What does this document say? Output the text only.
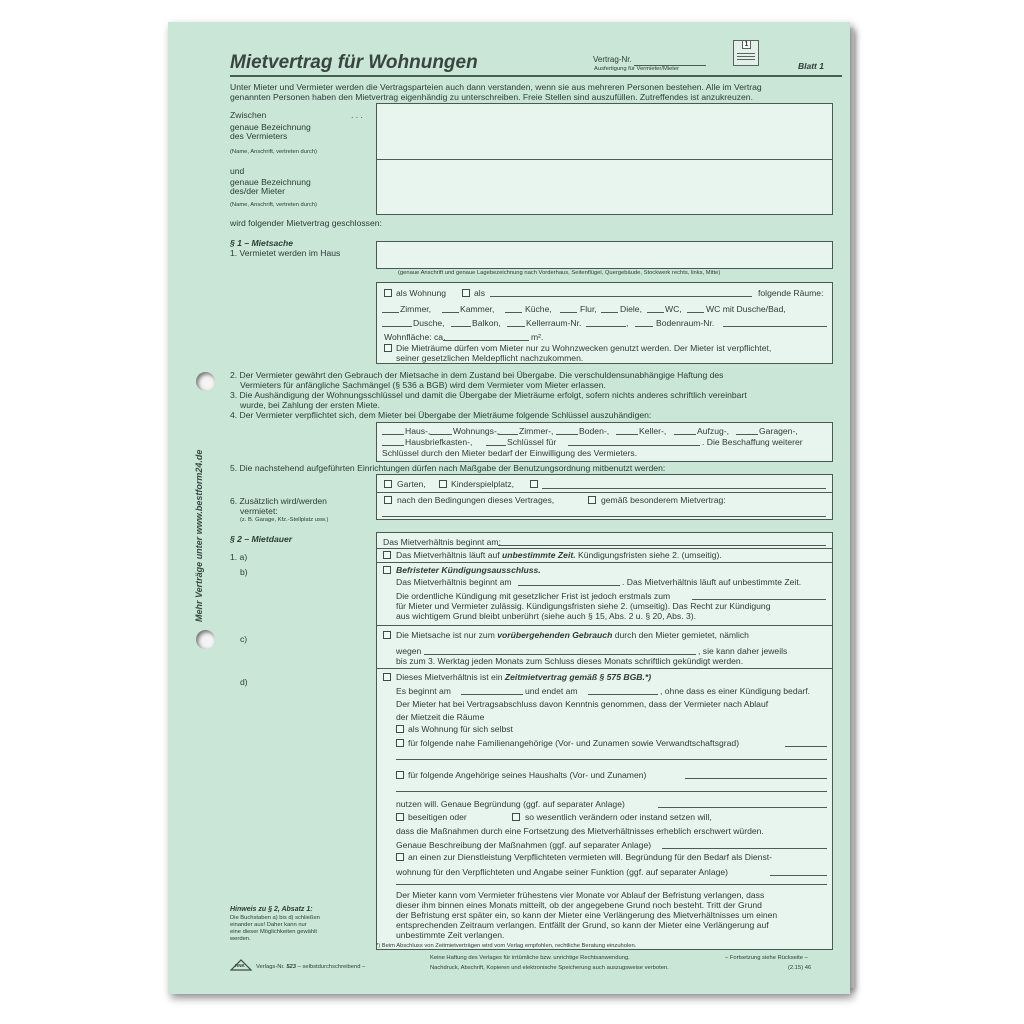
Mietvertrag für Wohnungen	Vertrag-Nr.
Ausfertigung für Vermieter/Mieter
1
Blatt 1
Unter Mieter und Vermieter werden die Vertragsparteien auch dann verstanden, wenn sie aus mehreren Personen bestehen. Alle im Vertrag
genannten Personen haben den Mietvertrag eigenhändig zu unterschreiben. Freie Stellen sind auszufüllen. Zutreffendes ist anzukreuzen.
Zwischen	. . .
genaue Bezeichnung
des Vermieters
(Name, Anschrift, vertreten durch)
und
genaue Bezeichnung
des/der Mieter
(Name, Anschrift, vertreten durch)
wird folgender Mietvertrag geschlossen:
§ 1 – Mietsache
1. Vermietet werden im Haus
(genaue Anschrift und genaue Lagebezeichnung nach Vorderhaus, Seitenflügel, Quergebäude, Stockwerk rechts, links, Mitte)
als Wohnung	als	folgende Räume:
Zimmer,	Kammer,	Küche,	Flur,	Diele,	WC,	WC mit Dusche/Bad,
Dusche,	Balkon,	Kellerraum-Nr.	,	Bodenraum-Nr.
Wohnfläche: ca.	m².
Die Mieträume dürfen vom Mieter nur zu Wohnzwecken genutzt werden. Der Mieter ist verpflichtet,
seiner gesetzlichen Meldepflicht nachzukommen.
2. Der Vermieter gewährt den Gebrauch der Mietsache in dem Zustand bei Übergabe. Die verschuldensunabhängige Haftung des
Vermieters für anfängliche Sachmängel (§ 536 a BGB) wird dem Vermieter vom Mieter erlassen.
3. Die Aushändigung der Wohnungsschlüssel und damit die Übergabe der Mieträume erfolgt, sofern nichts anderes schriftlich vereinbart
wurde, bei Zahlung der ersten Miete.
4. Der Vermieter verpflichtet sich, dem Mieter bei Übergabe der Mieträume folgende Schlüssel auszuhändigen:
Haus-,	Wohnungs-, Zimmer-,	Boden-,	Keller-,	Aufzug-,	Garagen-,
Hausbriefkasten-,	Schlüssel für	. Die Beschaffung weiterer
Schlüssel durch den Mieter bedarf der Einwilligung des Vermieters.
5. Die nachstehend aufgeführten Einrichtungen dürfen nach Maßgabe der Benutzungsordnung mitbenutzt werden:
Garten,	Kinderspielplatz,
nach den Bedingungen dieses Vertrages,	gemäß besonderem Mietvertrag:
6. Zusätzlich wird/werden
vermietet:
(z. B. Garage, Kfz.-Stellplatz usw.)
§ 2 – Mietdauer	Das Mietverhältnis beginnt am:
1. a)	Das Mietverhältnis läuft auf unbestimmte Zeit. Kündigungsfristen siehe 2. (umseitig).
b)	Befristeter Kündigungsausschluss.
Das Mietverhältnis beginnt am	. Das Mietverhältnis läuft auf unbestimmte Zeit.
Die ordentliche Kündigung mit gesetzlicher Frist ist jedoch erstmals zum
für Mieter und Vermieter zulässig. Kündigungsfristen siehe 2. (umseitig). Das Recht zur Kündigung
aus wichtigem Grund bleibt unberührt (siehe auch § 15, Abs. 2 u. § 20, Abs. 3).
c)	Die Mietsache ist nur zum vorübergehenden Gebrauch durch den Mieter gemietet, nämlich
wegen	, sie kann daher jeweils
bis zum 3. Werktag jeden Monats zum Schluss dieses Monats schriftlich gekündigt werden.
d)	Dieses Mietverhältnis ist ein Zeitmietvertrag gemäß § 575 BGB.*)
Es beginnt am	und endet am	, ohne dass es einer Kündigung bedarf.
Der Mieter hat bei Vertragsabschluss davon Kenntnis genommen, dass der Vermieter nach Ablauf
der Mietzeit die Räume
als Wohnung für sich selbst
für folgende nahe Familienangehörige (Vor- und Zunamen sowie Verwandtschaftsgrad)
für folgende Angehörige seines Haushalts (Vor- und Zunamen)
nutzen will. Genaue Begründung (ggf. auf separater Anlage)
beseitigen oder	so wesentlich verändern oder instand setzen will,
dass die Maßnahmen durch eine Fortsetzung des Mietverhältnisses erheblich erschwert würden.
Genaue Beschreibung der Maßnahmen (ggf. auf separater Anlage)
an einen zur Dienstleistung Verpflichteten vermieten will. Begründung für den Bedarf als Dienst-
wohnung für den Verpflichteten und Angabe seiner Funktion (ggf. auf separater Anlage)
Der Mieter kann vom Vermieter frühestens vier Monate vor Ablauf der Befristung verlangen, dass
dieser ihm binnen eines Monats mitteilt, ob der angegebene Grund noch besteht. Tritt der Grund
der Befristung erst später ein, so kann der Mieter eine Verlängerung des Mietverhältnisses um einen
entsprechenden Zeitraum verlangen. Entfällt der Grund, so kann der Mieter eine Verlängerung auf
unbestimmte Zeit verlangen.
Hinweis zu § 2, Absatz 1:
Die Buchstaben a) bis d) schließen
einander aus! Daher kann nur
eine dieser Möglichkeiten gewählt
werden.
*) Beim Abschluss von Zeitmietverträgen wird vom Verlag empfohlen, rechtliche Beratung einzuholen.
Keine Haftung des Verlages für irrtümliche bzw. unrichtige Rechtsanwendung.
Nachdruck, Abschrift, Kopieren und elektronische Speicherung auch auszugsweise verboten.
– Fortsetzung siehe Rückseite –
(2.15) 46
RNK Verlags-Nr. 523 – selbstdurchschreibend –
Mehr Verträge unter www.bestform24.de
